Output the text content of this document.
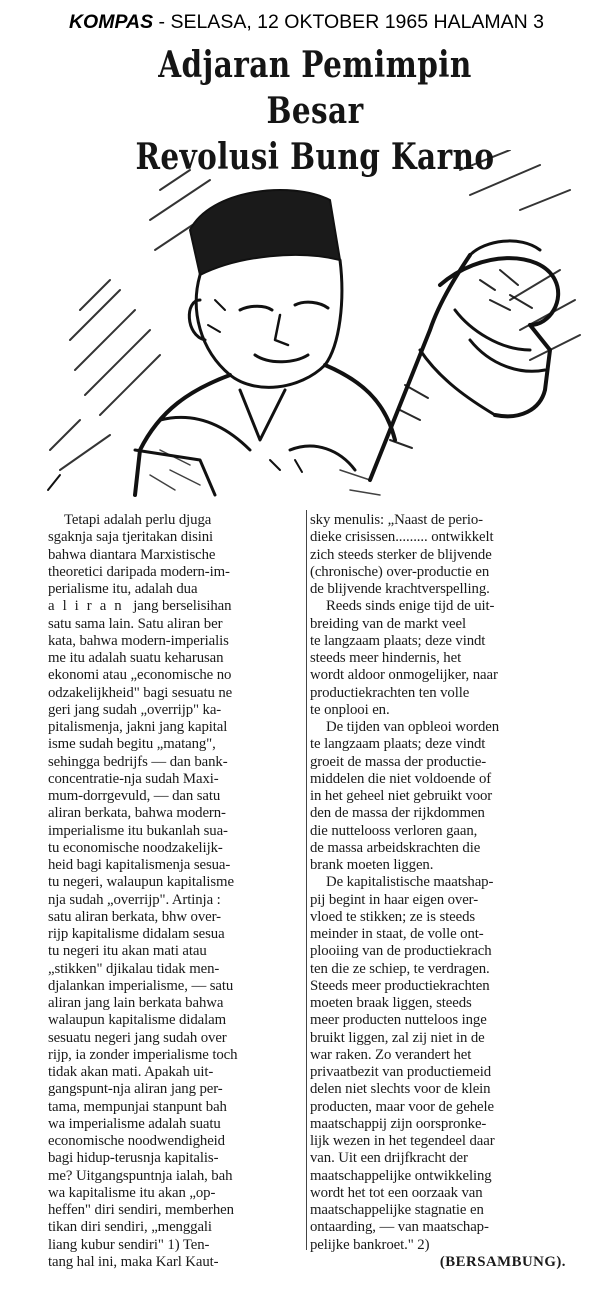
KOMPAS - SELASA, 12 OKTOBER 1965 HALAMAN 3
Adjaran Pemimpin Besar
Revolusi Bung Karno

Tetapi adalah perlu djuga

sgaknja saja tjeritakan disini

bahwa diantara Marxistische

theoretici daripada modern-im-

perialisme itu, adalah dua

aliran jang berselisihan

satu sama lain. Satu aliran ber

kata, bahwa modern-imperialis

me itu adalah suatu keharusan

ekonomi atau „economische no

odzakelijkheid" bagi sesuatu ne

geri jang sudah „overrijp" ka-

pitalismenja, jakni jang kapital

isme sudah begitu „matang",

sehingga bedrijfs — dan bank-

concentratie-nja sudah Maxi-

mum-dorrgevuld, — dan satu

aliran berkata, bahwa modern-

imperialisme itu bukanlah sua-

tu economische noodzakelijk-

heid bagi kapitalismenja sesua-

tu negeri, walaupun kapitalisme

nja sudah „overrijp". Artinja :

satu aliran berkata, bhw over-

rijp kapitalisme didalam sesua

tu negeri itu akan mati atau

„stikken" djikalau tidak men-

djalankan imperialisme, — satu

aliran jang lain berkata bahwa

walaupun kapitalisme didalam

sesuatu negeri jang sudah over

rijp, ia zonder imperialisme toch

tidak akan mati. Apakah uit-

gangspunt-nja aliran jang per-

tama, mempunjai stanpunt bah

wa imperialisme adalah suatu

economische noodwendigheid

bagi hidup-terusnja kapitalis-

me? Uitgangspuntnja ialah, bah

wa kapitalisme itu akan „op-

heffen" diri sendiri, memberhen

tikan diri sendiri, „menggali

liang kubur sendiri" 1) Ten-

tang hal ini, maka Karl Kaut-

sky menulis: „Naast de perio-

dieke crisissen......... ontwikkelt

zich steeds sterker de blijvende

(chronische) over-productie en

de blijvende krachtverspelling.

Reeds sinds enige tijd de uit-

breiding van de markt veel

te langzaam plaats; deze vindt

steeds meer hindernis, het

wordt aldoor onmogelijker, naar

productiekrachten ten volle

te onplooi en.

De tijden van opbleoi worden

te langzaam plaats; deze vindt

groeit de massa der productie-

middelen die niet voldoende of

in het geheel niet gebruikt voor

den de massa der rijkdommen

die nuttelooss verloren gaan,

de massa arbeidskrachten die

brank moeten liggen.

De kapitalistische maatshap-

pij begint in haar eigen over-

vloed te stikken; ze is steeds

meinder in staat, de volle ont-

plooiing van de productiekrach

ten die ze schiep, te verdragen.

Steeds meer productiekrachten

moeten braak liggen, steeds

meer producten nutteloos inge

bruikt liggen, zal zij niet in de

war raken. Zo verandert het

privaatbezit van productiemeid

delen niet slechts voor de klein

producten, maar voor de gehele

maatschappij zijn oorspronke-

lijk wezen in het tegendeel daar

van. Uit een drijfkracht der

maatschappelijke ontwikkeling

wordt het tot een oorzaak van

maatschappelijke stagnatie en

ontaarding, — van maatschap-

pelijke bankroet." 2)

(BERSAMBUNG).
